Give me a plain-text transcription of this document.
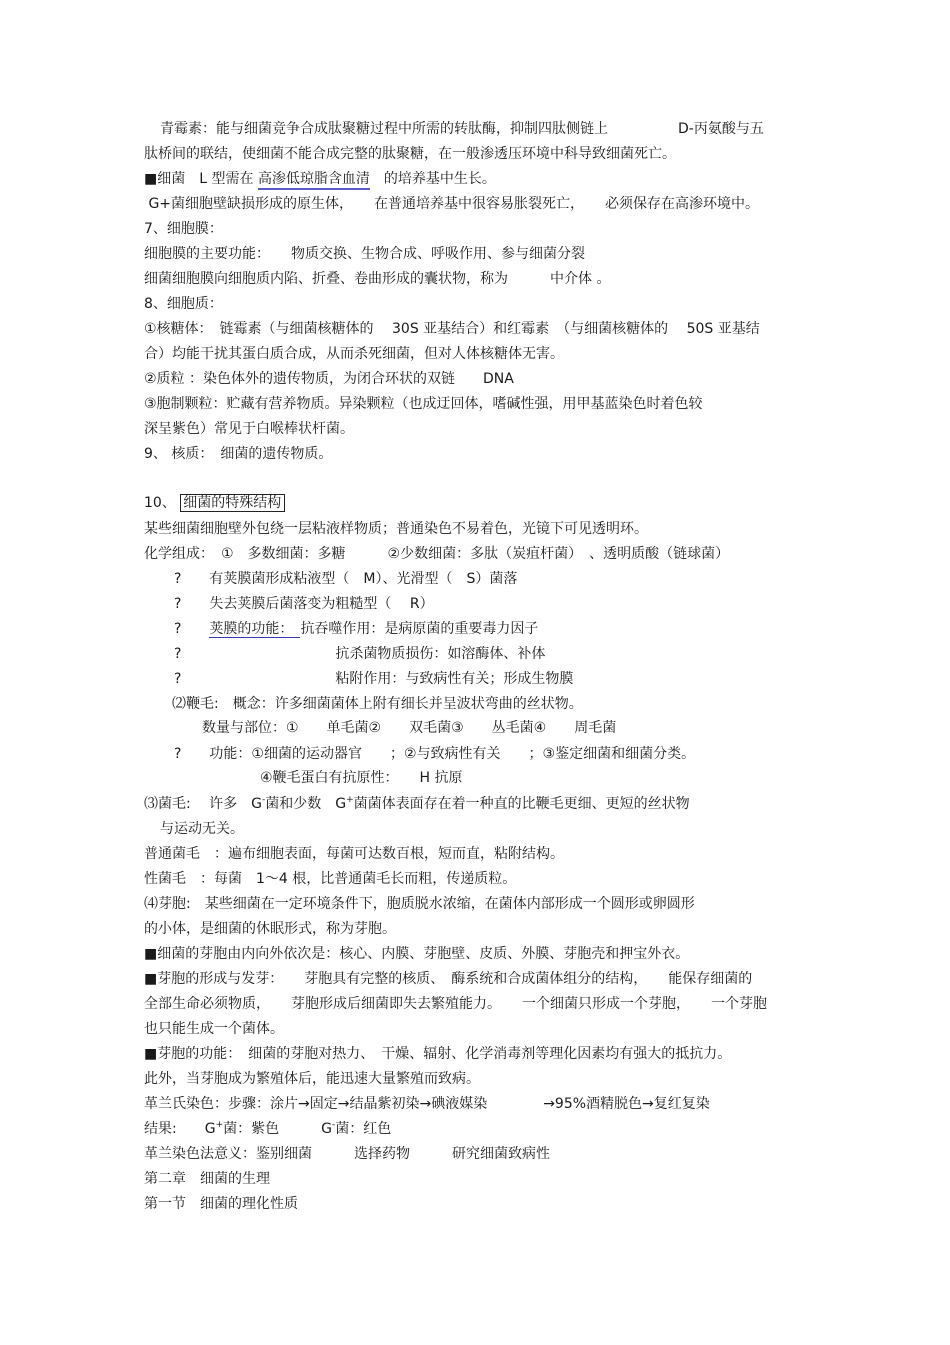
青霉素：能与细菌竞争合成肽聚糖过程中所需的转肽酶，抑制四肽侧链上　　　　　D-丙氨酸与五
肽桥间的联结，使细菌不能合成完整的肽聚糖，在一般渗透压环境中科导致细菌死亡。
■细菌　L 型需在 高渗低琼脂含血清　的培养基中生长。
G+菌细胞壁缺损形成的原生体，　　在普通培养基中很容易胀裂死亡，　　必须保存在高渗环境中。
7、细胞膜：
细胞膜的主要功能：　　物质交换、生物合成、呼吸作用、参与细菌分裂
细菌细胞膜向细胞质内陷、折叠、卷曲形成的囊状物，称为　　　中介体 。
8、细胞质：
①核糖体：　链霉素（与细菌核糖体的　 30S 亚基结合）和红霉素　（与细菌核糖体的　 50S 亚基结
合）均能干扰其蛋白质合成，从而杀死细菌，但对人体核糖体无害。
②质粒 ：染色体外的遗传物质，为闭合环状的双链　　DNA
③胞制颗粒：贮藏有营养物质。异染颗粒（也成迂回体，嗜碱性强，用甲基蓝染色时着色较
深呈紫色）常见于白喉棒状杆菌。
9、 核质：　细菌的遗传物质。
10、 细菌的特殊结构
某些细菌细胞壁外包绕一层粘液样物质；普通染色不易着色，光镜下可见透明环。
化学组成：　①　多数细菌：多糖　　　②少数细菌：多肽（炭疽杆菌）　、透明质酸（链球菌）
?　　有荚膜菌形成粘液型（　M）、光滑型（　S）菌落
?　　失去荚膜后菌落变为粗糙型（　 R）
?　　荚膜的功能：　抗吞噬作用：是病原菌的重要毒力因子
?　　　　　　　　　　　抗杀菌物质损伤：如溶酶体、补体
?　　　　　　　　　　　粘附作用：与致病性有关；形成生物膜
⑵鞭毛:　概念：许多细菌菌体上附有细长并呈波状弯曲的丝状物。
数量与部位：①　　单毛菌②　　双毛菌③　　丛毛菌④　　周毛菌
?　　功能：①细菌的运动器官　　；②与致病性有关　　；③鉴定细菌和细菌分类。
④鞭毛蛋白有抗原性：　　H 抗原
⑶菌毛:　 许多　G-菌和少数　G+菌菌体表面存在着一种直的比鞭毛更细、更短的丝状物
与运动无关。
普通菌毛　：遍布细胞表面，每菌可达数百根，短而直，粘附结构。
性菌毛　：每菌　1～4 根，比普通菌毛长而粗，传递质粒。
⑷芽胞:　某些细菌在一定环境条件下，胞质脱水浓缩，在菌体内部形成一个圆形或卵圆形
的小体，是细菌的休眠形式，称为芽胞。
■细菌的芽胞由内向外依次是：核心、内膜、芽胞壁、皮质、外膜、芽胞壳和押宝外衣。
■芽胞的形成与发芽：　　芽胞具有完整的核质、　酶系统和合成菌体组分的结构，　　能保存细菌的
全部生命必须物质，　　芽胞形成后细菌即失去繁殖能力。　　一个细菌只形成一个芽胞，　　一个芽胞
也只能生成一个菌体。
■芽胞的功能：　细菌的芽胞对热力、　干燥、辐射、化学消毒剂等理化因素均有强大的抵抗力。
此外，当芽胞成为繁殖体后，能迅速大量繁殖而致病。
革兰氏染色：步骤：涂片→固定→结晶紫初染→碘液媒染　　　　→95%酒精脱色→复红复染
结果:　　G+菌：紫色　　　G-菌：红色
革兰染色法意义：鉴别细菌　　　选择药物　　　研究细菌致病性
第二章　细菌的生理
第一节　细菌的理化性质
